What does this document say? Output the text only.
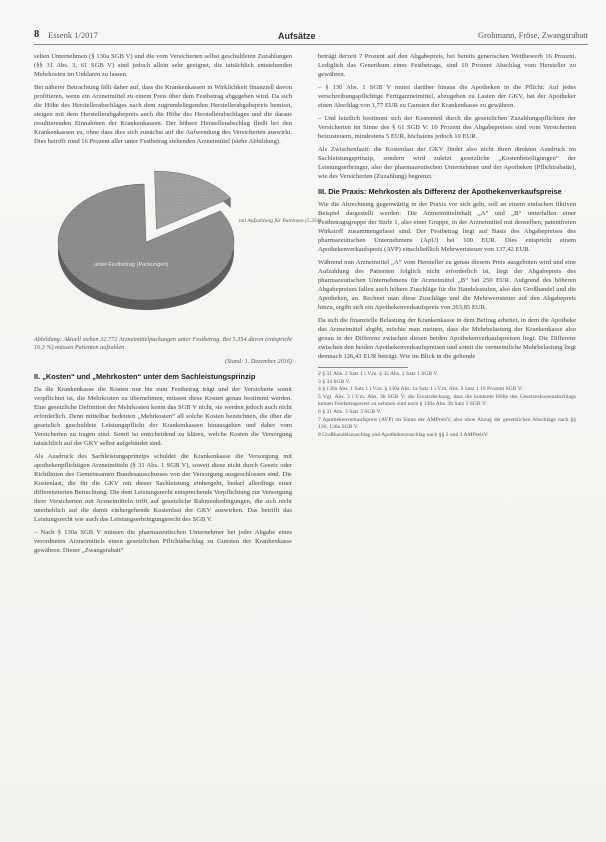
8 Essenk 1/2017	Aufsätze	Grohmann, Fröse, Zwangsrabatt

selten Unternehmen (§ 130a SGB V) und die vom Versicherten selbst geschuldeten Zuzahlungen (§§ 31 Abs. 3, 61 SGB V) sind jedoch allein sehr geeignet, die tatsächlich entstehenden Mehrkosten im Unklaren zu lassen.

Bei näherer Betrachtung fällt daher auf, dass die Krankenkassen in Wirklichkeit finanziell davon profitieren, wenn ein Arzneimittel zu einem Preis über dem Festbetrag abgegeben wird. Da sich die Höhe des Herstellerabschlages nach dem zugrundeliegenden Herstellerabgabepreis bemisst, steigen mit dem Herstellerabgabepreis auch die Höhe des Herstellerabschlages und die daraus resultierenden Einnahmen der Krankenkassen. Der höhere Herstellerabschlag fließt bei den Krankenkassen zu, ohne dass dies sich zunächst auf die Aufwendung des Versicherten auswirkt. Dies betrifft rund 16 Prozent aller unter Festbetrag stehenden Arzneimittel (siehe Abbildung).

unter Festbetrag (Packungen)
mit Aufzahlung für Patienten (5.354)

Abbildung: Aktuell stehen 32.772 Arzneimittelpackungen unter Festbetrag. Bei 5.354 davon (entspricht 16,3 %) müssen Patienten aufzahlen

(Stand: 1. Dezember 2016)
II. „Kosten“ und „Mehrkosten“ unter dem Sachleistungsprinzip

Da die Krankenkasse die Kosten nur bis zum Festbetrag trägt und der Versicherte somit verpflichtet ist, die Mehrkosten zu übernehmen, müssen diese Kosten genau bestimmt werden. Eine gesetzliche Definition der Mehrkosten kennt das SGB V nicht, sie werden jedoch auch nicht erforderlich. Denn mittelbar bedeuten „Mehrkosten“ all solche Kosten bezeichnen, die über die gesetzlich geschuldete Leistungspflicht der Krankenkassen hinausgehen und daher vom Versicherten zu tragen sind. Somit ist entscheidend zu klären, welche Kosten die Versorgung tatsächlich auf der GKV selbst aufgebürdet sind.

Als Ausdruck des Sachleistungsprinzips schuldet die Krankenkasse die Versorgung mit apothekenpflichtigen Arzneimitteln (§ 31 Abs. 1 SGB V), soweit diese nicht durch Gesetz oder Richtlinien des Gemeinsamen Bundesausschusses von der Versorgung ausgeschlossen sind. Die Kostenlast, die für die GKV mit dieser Sachleistung einhergeht, bedarf allerdings einer differenzierten Betrachtung. Die dem Leistungsrecht entsprechende Verpflichtung zur Versorgung ihrer Versicherten mit Arzneimitteln trifft auf gesetzliche Rahmenbedingungen, die sich nicht unerheblich auf die damit einhergehende Kostenlast der GKV auswirken. Das betrifft das Leistungsrecht wie auch das Leistungserbringungsrecht des SGB V.

– Nach § 130a SGB V müssen die pharmazeutischen Unternehmer bei jeder Abgabe eines verordneten Arzneimittels einen gesetzlichen Pflichtabschlag zu Gunsten der Krankenkasse gewähren. Dieser „Zwangsrabatt“

beträgt derzeit 7 Prozent auf den Abgabepreis, bei bereits generischen Wettbewerb 16 Prozent. Lediglich das Generikum eines Festbetrags, sind 10 Prozent Abschlag vom Hersteller zu gewähren.

– § 130 Abs. 1 SGB V mutet darüber hinaus die Apotheken in die Pflicht: Auf jedes verschreibungspflichtige Fertigarzneimittel, abzugeben zu Lasten der GKV, hat der Apotheker einen Abschlag von 1,77 EUR zu Gunsten der Krankenkasse zu gewähren.

– Und letztlich bestimmt sich der Kostenteil durch die gesetzlichen Zuzahlungspflichten der Versicherten im Sinne des § 61 SGB V: 10 Prozent des Abgabepreises sind vom Versicherten beizusteuern, mindestens 5 EUR, höchstens jedoch 10 EUR.

Als Zwischenfazit: die Kostenlast der GKV findet also nicht ihren direkten Ausdruck im Sachleistungsprinzip, sondern wird zuletzt gesetzliche „Kostenbeteiligungen“ der Leistungserbringer, also der pharmazeutischen Unternehmer und der Apotheken (Pflichtrabatte), wie des Versicherten (Zuzahlung) begrenzt.

III. Die Praxis: Mehrkosten als Differenz der Apothekenverkaufspreise

Wie die Abrechnung gegenwärtig in der Praxis vor sich geht, soll an einem einfachen fiktiven Beispiel dargestellt werden: Die Arzneimittelinhalt „A“ und „B“ unterfallen einer Festbetragsgruppe der Stufe 1, also einer Gruppe, in der Arzneimittel mit denselben, patentfreien Wirkstoff zusammengefasst sind. Der Festbetrag liegt auf Basis des Abgabepreises des pharmazeutischen Unternehmens (ApU) bei 100 EUR. Dies entspricht einem Apothekenverkaufspreis (AVP) einschließlich Mehrwertsteuer von 137,42 EUR.

Während nun Arzneimittel „A“ vom Hersteller zu genau diesem Preis ausgeboten wird und eine Aufzahlung des Patienten folglich nicht erforderlich ist, liegt der Abgabepreis des pharmazeutischen Unternehmens für Arzneimittel „B“ bei 250 EUR. Aufgrund des höheren Abgabepreises fallen auch höhere Zuschläge für die Handelsstufen, also den Großhandel und die Apotheken, an. Rechnet man diese Zuschläge und die Mehrwertsteuer auf den Abgabepreis hinzu, ergibt sich ein Apothekenverkaufspreis von 263,85 EUR.

Da sich die finanzielle Belastung der Krankenkasse in dem Beitrag arbeitet, in dem die Apotheke das Arzneimittel abgibt, möchte man meinen, dass die Mehrbelastung der Krankenkasse also genau in der Differenz zwischen diesen beiden Apothekenverkaufspreisen liegt. Die Differenz zwischen den beiden Apothekenverkaufspreisen und somit die vermeintliche Mehrbelastung liegt demnach 126,43 EUR beträgt. Wie im Blick in die geltende

2 § 31 Abs. 2 Satz 1 i.V.m. § 35 Abs. 1 Satz 1 SGB V.
3 § 34 SGB V.
4 § 130a Abs. 1 Satz 1 i.V.m. § 130a Abs. 1a Satz 1 i.V.m. Abs. 3 Satz 1 10 Prozent SGB V.
5 Vgl. Abs. 3 i.V.m. Abs. 3b SGB V; die Ersatzdeckung, dass die konkrete Höhe des Gesetzeskostenabschlags keinen Festbetragswert zu nehmen sind nach § 130a Abs. 3b Satz 2 SGB V.
6 § 31 Abs. 3 Satz 3 SGB V.
7 Apothekenverkaufspreis (AVP) im Sinne der AMPreisV, also ohne Abzug der gesetzlichen Abschläge nach §§ 130, 130a SGB V.
8 Großhandelszuschlag und Apothekenzuschlag nach §§ 2 und 3 AMPreisV.
